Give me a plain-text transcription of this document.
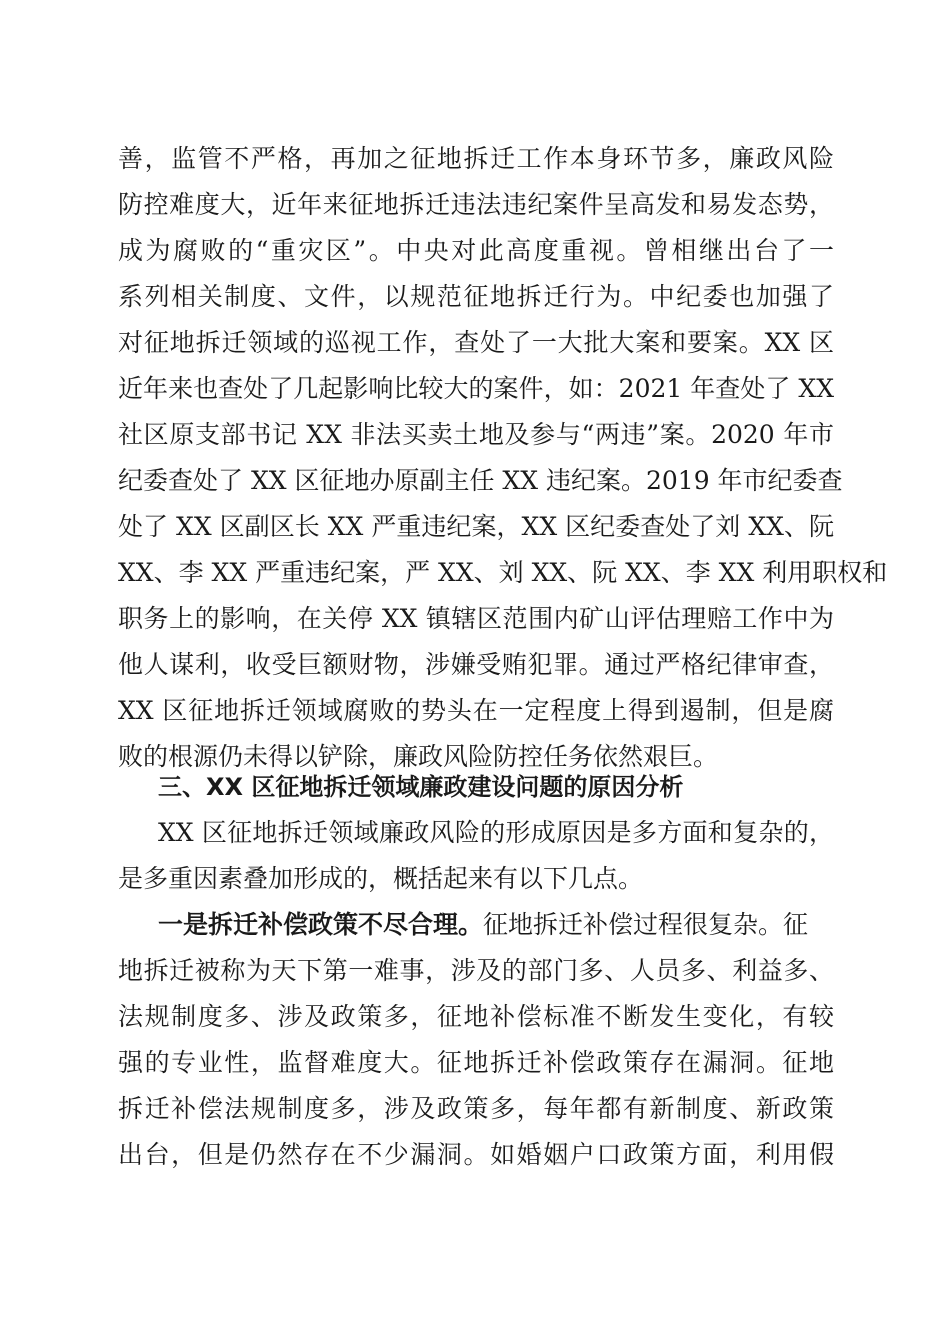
善，监管不严格，再加之征地拆迁工作本身环节多，廉政风险
防控难度大，近年来征地拆迁违法违纪案件呈高发和易发态势，
成为腐败的“重灾区”。中央对此高度重视。曾相继出台了一
系列相关制度、文件，以规范征地拆迁行为。中纪委也加强了
对征地拆迁领域的巡视工作，查处了一大批大案和要案。XX 区
近年来也查处了几起影响比较大的案件，如：2021 年查处了 XX
社区原支部书记 XX 非法买卖土地及参与“两违”案。2020 年市
纪委查处了 XX 区征地办原副主任 XX 违纪案。2019 年市纪委查
处了 XX 区副区长 XX 严重违纪案，XX 区纪委查处了刘 XX、阮
XX、李 XX 严重违纪案，严 XX、刘 XX、阮 XX、李 XX 利用职权和
职务上的影响，在关停 XX 镇辖区范围内矿山评估理赔工作中为
他人谋利，收受巨额财物，涉嫌受贿犯罪。通过严格纪律审查，
XX 区征地拆迁领域腐败的势头在一定程度上得到遏制，但是腐
败的根源仍未得以铲除，廉政风险防控任务依然艰巨。
三、XX 区征地拆迁领域廉政建设问题的原因分析
XX 区征地拆迁领域廉政风险的形成原因是多方面和复杂的，
是多重因素叠加形成的，概括起来有以下几点。
一是拆迁补偿政策不尽合理。征地拆迁补偿过程很复杂。征
地拆迁被称为天下第一难事，涉及的部门多、人员多、利益多、
法规制度多、涉及政策多，征地补偿标准不断发生变化，有较
强的专业性，监督难度大。征地拆迁补偿政策存在漏洞。征地
拆迁补偿法规制度多，涉及政策多，每年都有新制度、新政策
出台，但是仍然存在不少漏洞。如婚姻户口政策方面，利用假
